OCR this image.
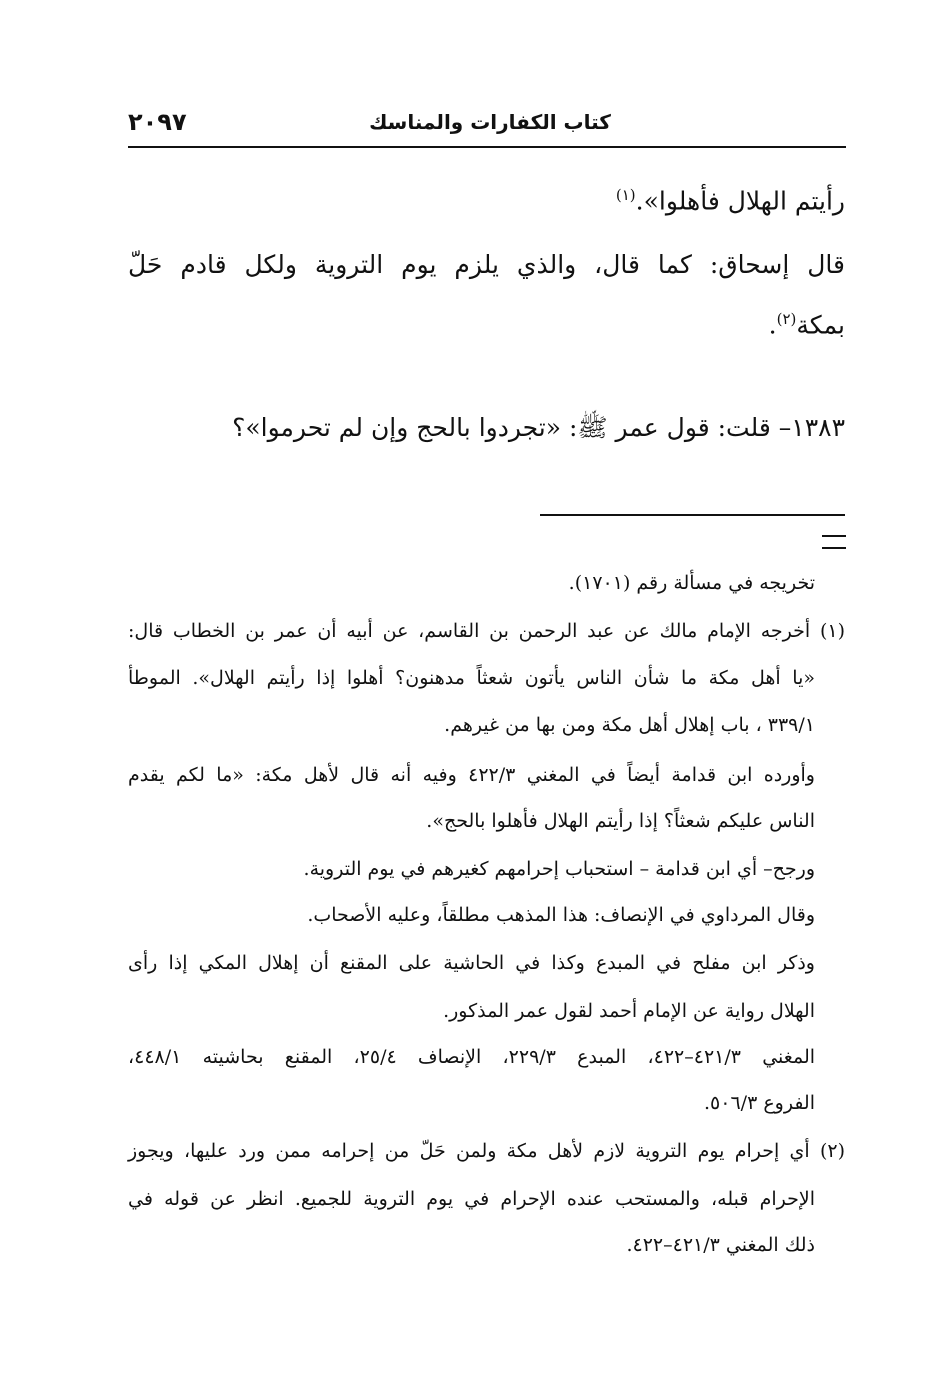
كتاب الكفارات والمناسك
٢٠٩٧
رأيتم الهلال فأهلوا».$^{(١)}$
قال إسحاق: كما قال، والذي يلزم يوم التروية ولكل قادم حَلّ
بمكة$^{(٢)}$.
١٣٨٣– قلت: قول عمر ﷺ: «تجردوا بالحج وإن لم تحرموا»؟
تخريجه في مسألة رقم (١٧٠١).
(١) أخرجه الإمام مالك عن عبد الرحمن بن القاسم، عن أبيه أن عمر بن الخطاب قال:
«يا أهل مكة ما شأن الناس يأتون شعثاً مدهنون؟ أهلوا إذا رأيتم الهلال». الموطأ
٣٣٩/١ ، باب إهلال أهل مكة ومن بها من غيرهم.
وأورده ابن قدامة أيضاً في المغني ٤٢٢/٣ وفيه أنه قال لأهل مكة: «ما لكم يقدم
الناس عليكم شعثاً؟ إذا رأيتم الهلال فأهلوا بالحج».
ورجح– أي ابن قدامة – استحباب إحرامهم كغيرهم في يوم التروية.
وقال المرداوي في الإنصاف: هذا المذهب مطلقاً، وعليه الأصحاب.
وذكر ابن مفلح في المبدع وكذا في الحاشية على المقنع أن إهلال المكي إذا رأى
الهلال رواية عن الإمام أحمد لقول عمر المذكور.
المغني ٤٢١/٣–٤٢٢، المبدع ٢٢٩/٣، الإنصاف ٢٥/٤، المقنع بحاشيته ٤٤٨/١،
الفروع ٥٠٦/٣.
(٢) أي إحرام يوم التروية لازم لأهل مكة ولمن حَلّ من إحرامه ممن ورد عليها، ويجوز
الإحرام قبله، والمستحب عنده الإحرام في يوم التروية للجميع. انظر عن قوله في
ذلك المغني ٤٢١/٣–٤٢٢.
